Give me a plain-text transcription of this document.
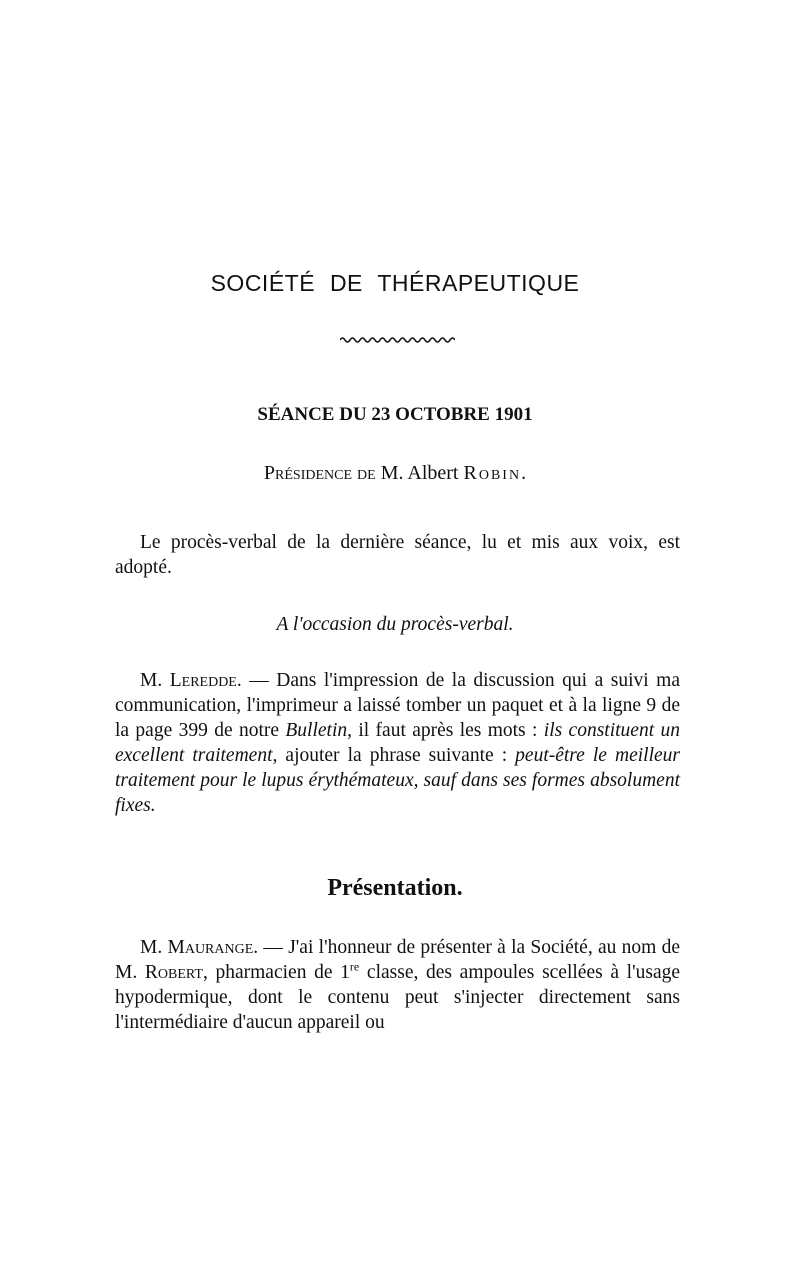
SOCIÉTÉ DE THÉRAPEUTIQUE
SÉANCE DU 23 OCTOBRE 1901
Présidence de M. Albert Robin.

Le procès-verbal de la dernière séance, lu et mis aux voix, est adopté.

A l'occasion du procès-verbal.

M. Leredde. — Dans l'impression de la discussion qui a suivi ma communication, l'imprimeur a laissé tomber un paquet et à la ligne 9 de la page 399 de notre Bulletin, il faut après les mots : ils constituent un excellent traitement, ajouter la phrase suivante : peut-être le meilleur traitement pour le lupus érythémateux, sauf dans ses formes absolument fixes.

Présentation.

M. Maurange. — J'ai l'honneur de présenter à la Société, au nom de M. Robert, pharmacien de 1re classe, des ampoules scellées à l'usage hypodermique, dont le contenu peut s'injecter directement sans l'intermédiaire d'aucun appareil ou
